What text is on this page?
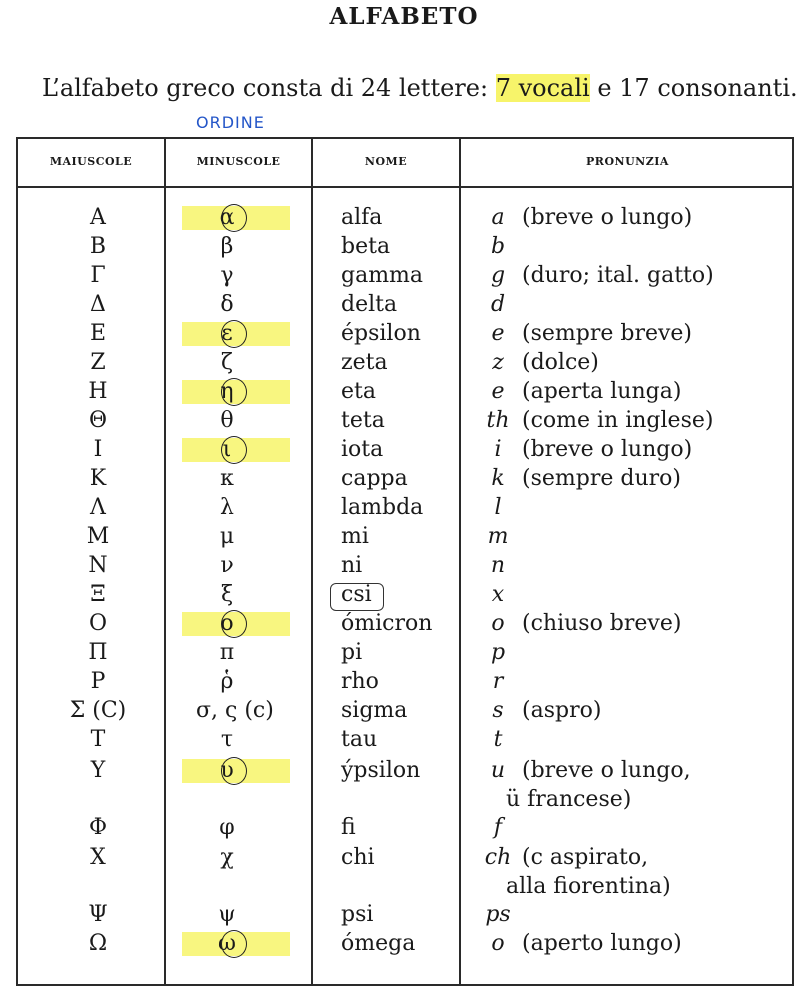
ALFABETO
L’alfabeto greco consta di 24 lettere: 7 vocali e 17 consonanti.
ORDINE
MAIUSCOLE	MINUSCOLE	NOME	PRONUNZIA
Α	α	alfa	a (breve o lungo)
Β	β	beta	b
Γ	γ	gamma	g (duro; ital. gatto)
Δ	δ	delta	d
Ε	ε	épsilon	e (sempre breve)
Ζ	ζ	zeta	z (dolce)
Η	η	eta	e (aperta lunga)
Θ	θ	teta	th (come in inglese)
Ι	ι	iota	i (breve o lungo)
Κ	κ	cappa	k (sempre duro)
Λ	λ	lambda	l
Μ	μ	mi	m
Ν	ν	ni	n
Ξ	ξ	csi	x
Ο	ο	ómicron	o (chiuso breve)
Π	π	pi	p
Ρ	ῥ	rho	r
Σ (C)	σ, ς (c)	sigma	s (aspro)
Τ	τ	tau	t
Υ	υ	ýpsilon	u (breve o lungo,
ü francese)
Φ	φ	fi	f
Χ	χ	chi	ch (c aspirato,
alla fiorentina)
Ψ	ψ	psi	ps
Ω	ω	ómega	o (aperto lungo)
